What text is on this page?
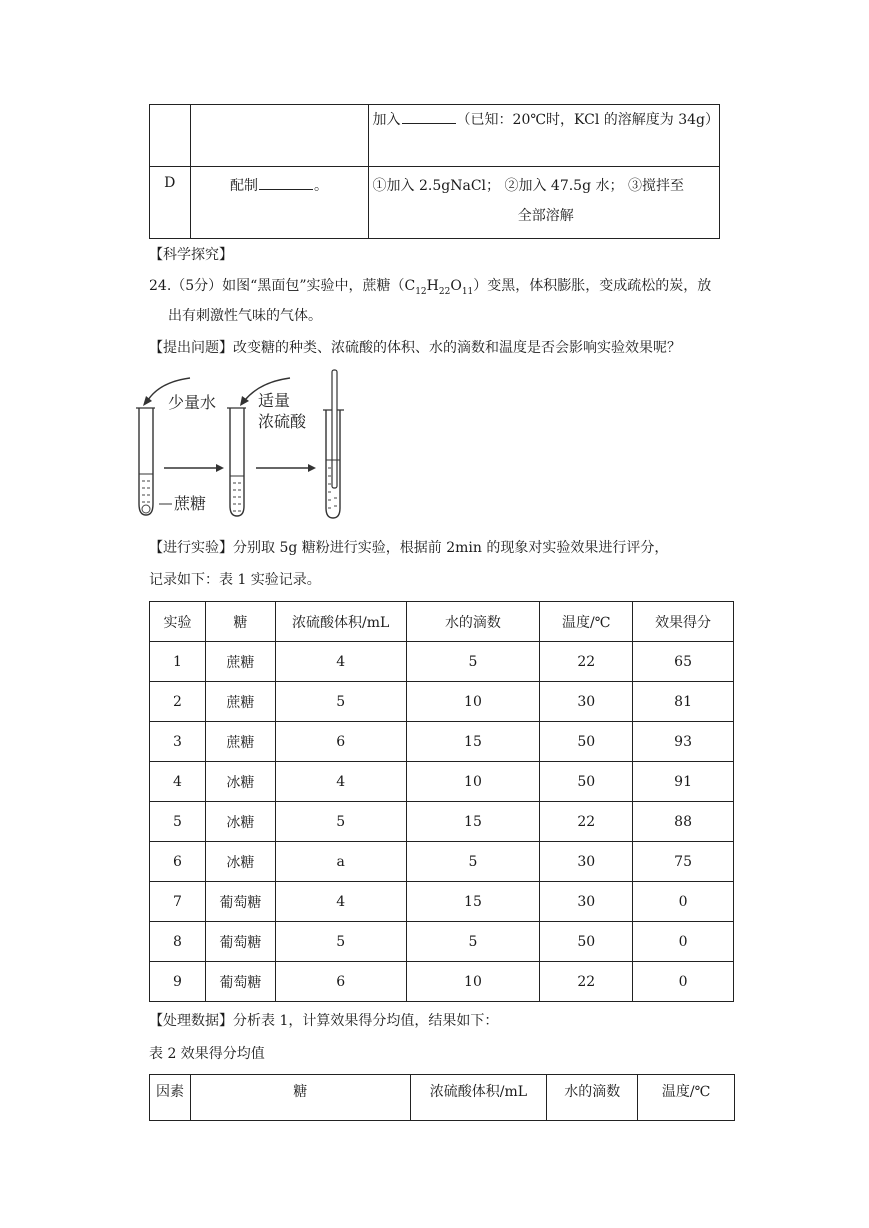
		加入 （已知：20℃时，KCl 的溶解度为 34g）
D	配制 。	①加入 2.5gNaCl； ②加入 47.5g 水； ③搅拌至
全部溶解
【科学探究】
24.（5分）如图“黑面包”实验中，蔗糖$(C_{12}H_{22}O_{11})$变黑，体积膨胀，变成疏松的炭，放
出有刺激性气味的气体。
【提出问题】改变糖的种类、浓硫酸的体积、水的滴数和温度是否会影响实验效果呢？
少量水	适量
浓硫酸
蔗糖
【进行实验】分别取 5g 糖粉进行实验，根据前 2min 的现象对实验效果进行评分，
记录如下：表 1 实验记录。
实验	糖	浓硫酸体积/mL	水的滴数	温度/℃	效果得分
1	蔗糖	4	5	22	65
2	蔗糖	5	10	30	81
3	蔗糖	6	15	50	93
4	冰糖	4	10	50	91
5	冰糖	5	15	22	88
6	冰糖	a	5	30	75
7	葡萄糖	4	15	30	0
8	葡萄糖	5	5	50	0
9	葡萄糖	6	10	22	0
【处理数据】分析表 1，计算效果得分均值，结果如下：
表 2 效果得分均值
因素	糖	浓硫酸体积/mL	水的滴数	温度/℃
